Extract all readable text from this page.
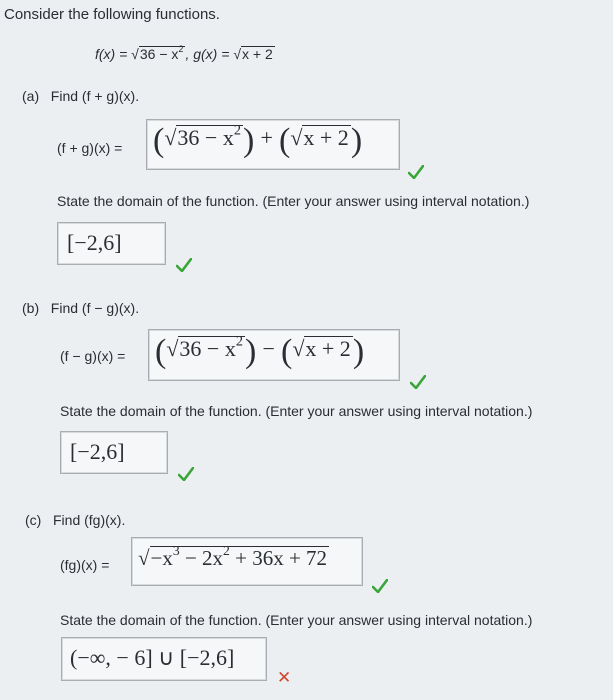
Consider the following functions.
$f(x) = √36 - x^2$ , g(x) = √x + 2
(a) Find (f + g)(x).
$(f + g)(x) = (√36 - x^2) + (√x + 2)$
State the domain of the function. (Enter your answer using interval notation.)
[−2,6]
(b) Find (f − g)(x).
$(f - g)(x) = (√36 - x^2) - (√x + 2)$
State the domain of the function. (Enter your answer using interval notation.)
[−2,6]
(c) Find (fg)(x).
$(fg)(x) = √-x^3 - 2x^2 + 36x + 72$
State the domain of the function. (Enter your answer using interval notation.)
(−∞, − 6] ∪ [−2,6]
✕
